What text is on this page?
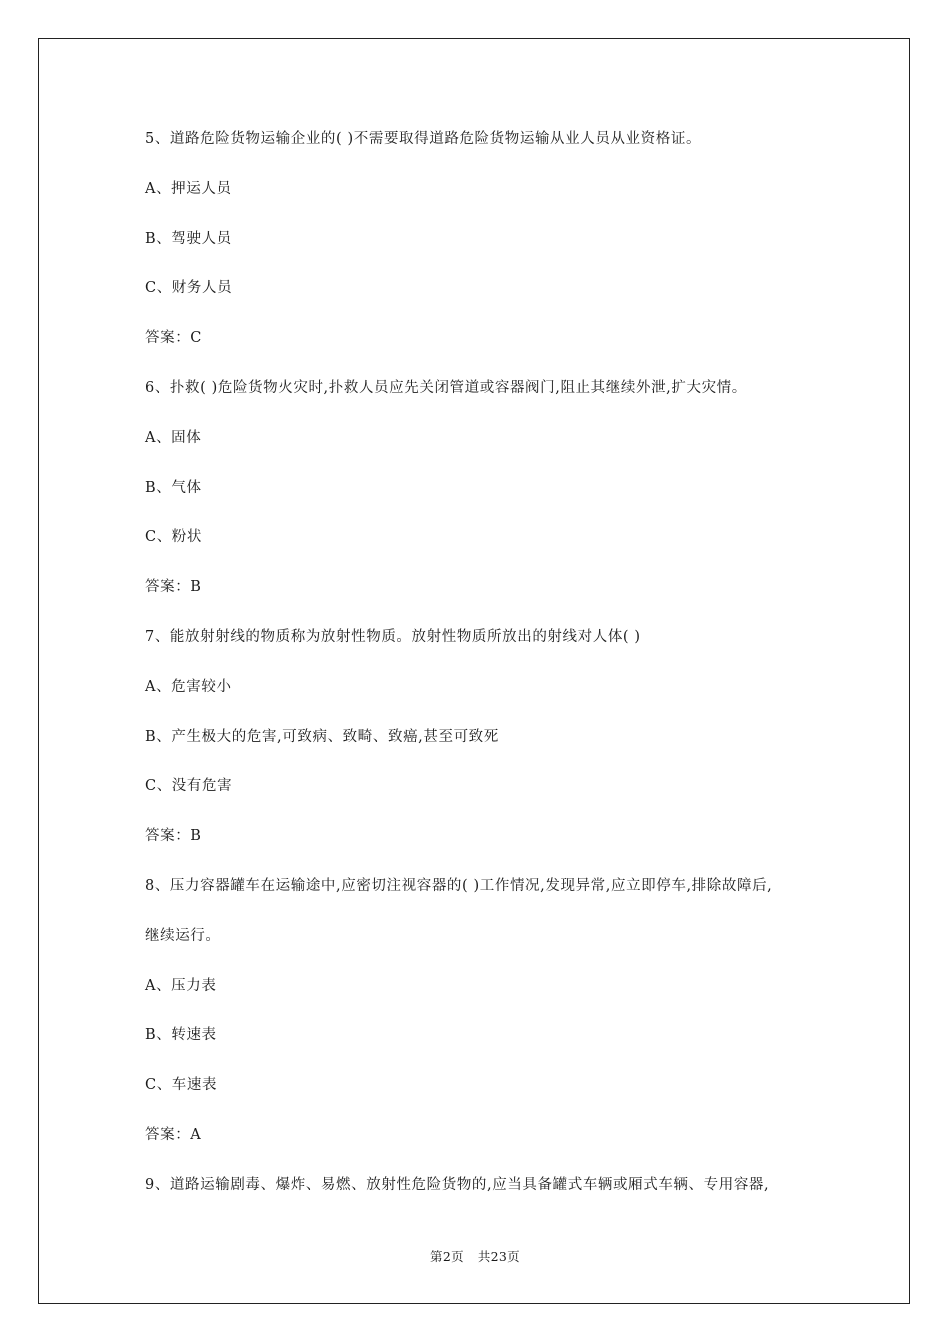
5、道路危险货物运输企业的( )不需要取得道路危险货物运输从业人员从业资格证。
A、押运人员
B、驾驶人员
C、财务人员
答案：C
6、扑救( )危险货物火灾时,扑救人员应先关闭管道或容器阀门,阻止其继续外泄,扩大灾情。
A、固体
B、气体
C、粉状
答案：B
7、能放射射线的物质称为放射性物质。放射性物质所放出的射线对人体( )
A、危害较小
B、产生极大的危害,可致病、致畸、致癌,甚至可致死
C、没有危害
答案：B
8、压力容器罐车在运输途中,应密切注视容器的( )工作情况,发现异常,应立即停车,排除故障后,
继续运行。
A、压力表
B、转速表
C、车速表
答案：A
9、道路运输剧毒、爆炸、易燃、放射性危险货物的,应当具备罐式车辆或厢式车辆、专用容器,
第2页 共23页
